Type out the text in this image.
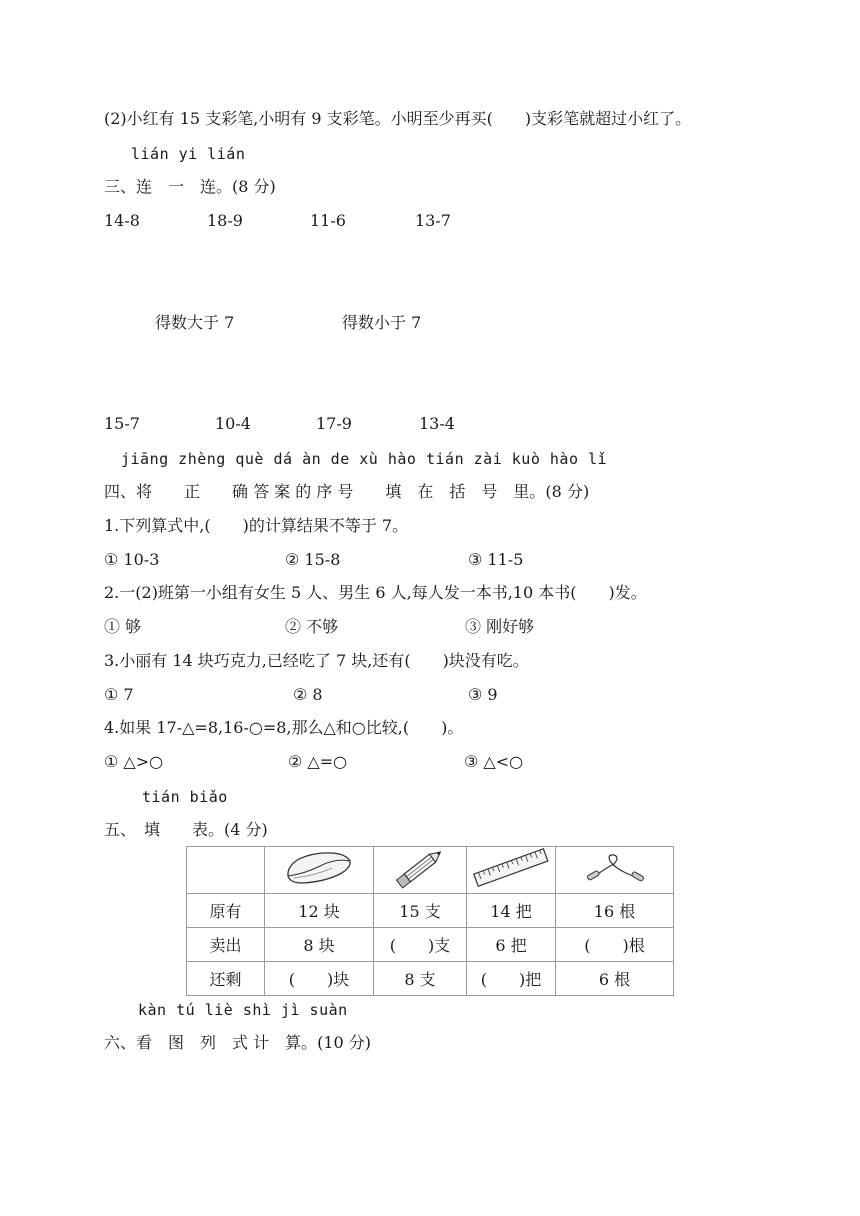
(2)小红有 15 支彩笔,小明有 9 支彩笔。小明至少再买(　　)支彩笔就超过小红了。
lián yi lián
三、连　一　连。(8 分)
14-8	18-9	11-6	13-7
得数大于 7	得数小于 7
15-7	10-4	17-9	13-4
jiāng zhèng què dá àn de xù hào tián zài kuò hào lǐ
四、将　　正　　确 答 案 的 序 号　　填　在　括　号　里。(8 分)
1.下列算式中,(　　)的计算结果不等于 7。
① 10-3	② 15-8	③ 11-5
2.一(2)班第一小组有女生 5 人、男生 6 人,每人发一本书,10 本书(　　)发。
① 够	② 不够	③ 刚好够
3.小丽有 14 块巧克力,已经吃了 7 块,还有(　　)块没有吃。
① 7	② 8	③ 9
4.如果 17-△=8,16-○=8,那么△和○比较,(　　)。
① △>○	② △=○	③ △<○
tián biǎo
五、　填　　表。(4 分)

原有	12 块	15 支	14 把	16 根
卖出	8 块	(　　)支	6 把	(　　)根
还剩	(　　)块	8 支	(　　)把	6 根
kàn tú liè shì jì suàn
六、看　图　列　式 计　算。(10 分)
